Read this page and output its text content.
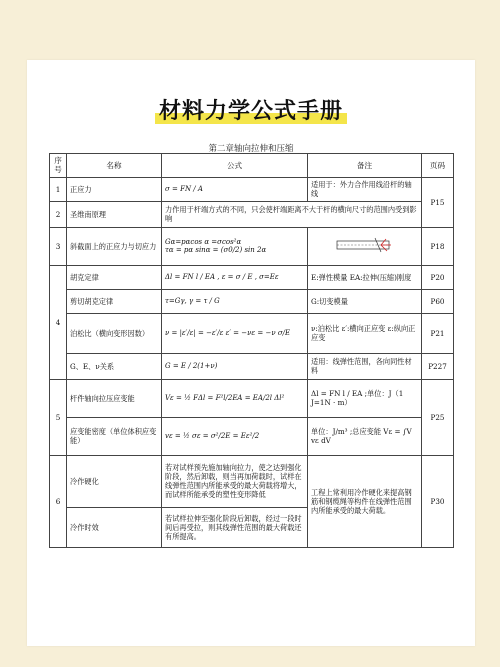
材料力学公式手册
第二章轴向拉伸和压缩
序号	名称	公式	备注	页码
1	正应力	σ = FN / A	适用于：外力合作用线沿杆的轴线	P15
2	圣维南原理	力作用于杆端方式的不同，只会使杆端距离不大于杆的横向尺寸的范围内受到影响		
3	斜截面上的正应力与切应力	Gα=pαcos α =σcos²α
τα = pα sinα = (σ0/2) sin 2α		P18
4	胡克定律	Δl = FN l / EA , ε = σ / E , σ=Eε	E:弹性模量 EA:拉伸(压缩)刚度	P20
	剪切胡克定律	τ=Gγ, γ = τ / G	G:切变模量	P60
	泊松比（横向变形因数）	ν = |ε′/ε| = −ε′/ε ε′ = −νε = −ν σ/E	ν:泊松比 ε′:横向正应变 ε:纵向正应变	P21
	G、E、ν关系	G = E / 2(1+ν)	适用：线弹性范围，各向同性材料	P227
5	杆件轴向拉压应变能	Vε = ½ FΔl = F²l/2EA = EA/2l Δl²	Δl = FN l / EA ;单位：J（1 J=1N · m）	P25
	应变能密度（单位体积应变能）	vε = ½ σε = σ²/2E = Eε²/2	单位：J/m³ ;总应变能 Vε = ∫V vε dV	
6	冷作硬化	若对试样预先施加轴向拉力，使之达到强化阶段，然后卸载，则当再加荷载时，试样在线弹性范围内所能承受的最大荷载将增大，而试样所能承受的塑性变形降低	工程上常利用冷作硬化来提高钢筋和钢缆绳等构件在线弹性范围内所能承受的最大荷载。	P30
	冷作时效	若试样拉伸至强化阶段后卸载，经过一段时间后再受拉，则其线弹性范围的最大荷载还有所提高。		
